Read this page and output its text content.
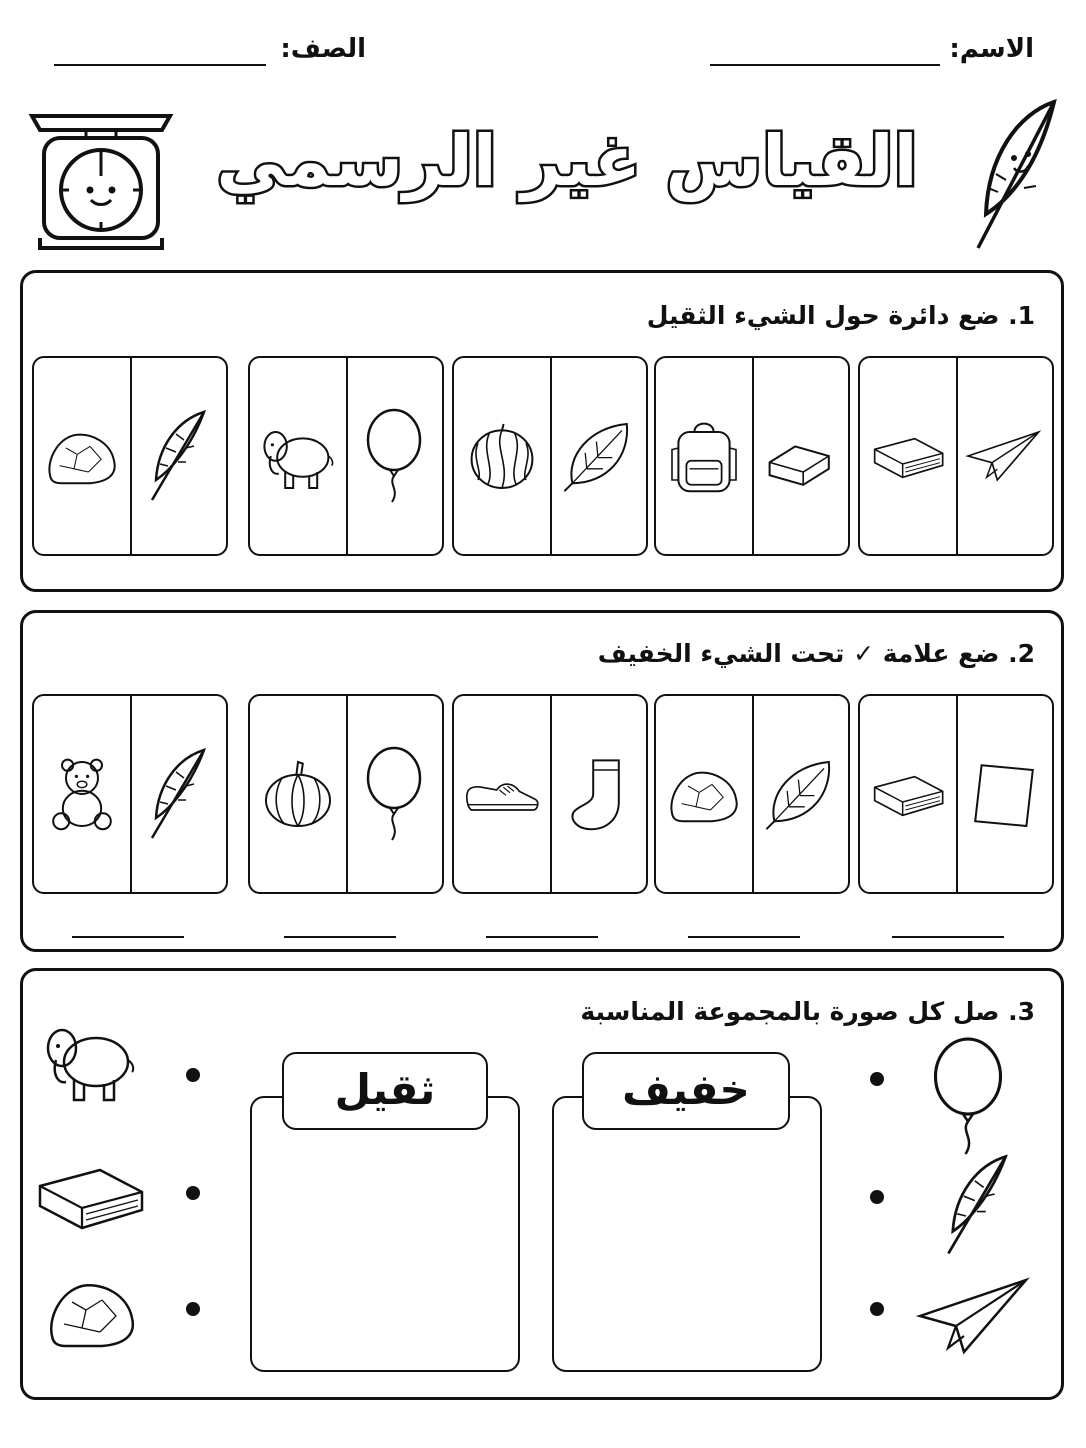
الاسم:
الصف:
القياس غير الرسمي
1. ضع دائرة حول الشيء الثقيل
2. ضع علامة ✓ تحت الشيء الخفيف
3. صل كل صورة بالمجموعة المناسبة
ثقيل	خفيف
